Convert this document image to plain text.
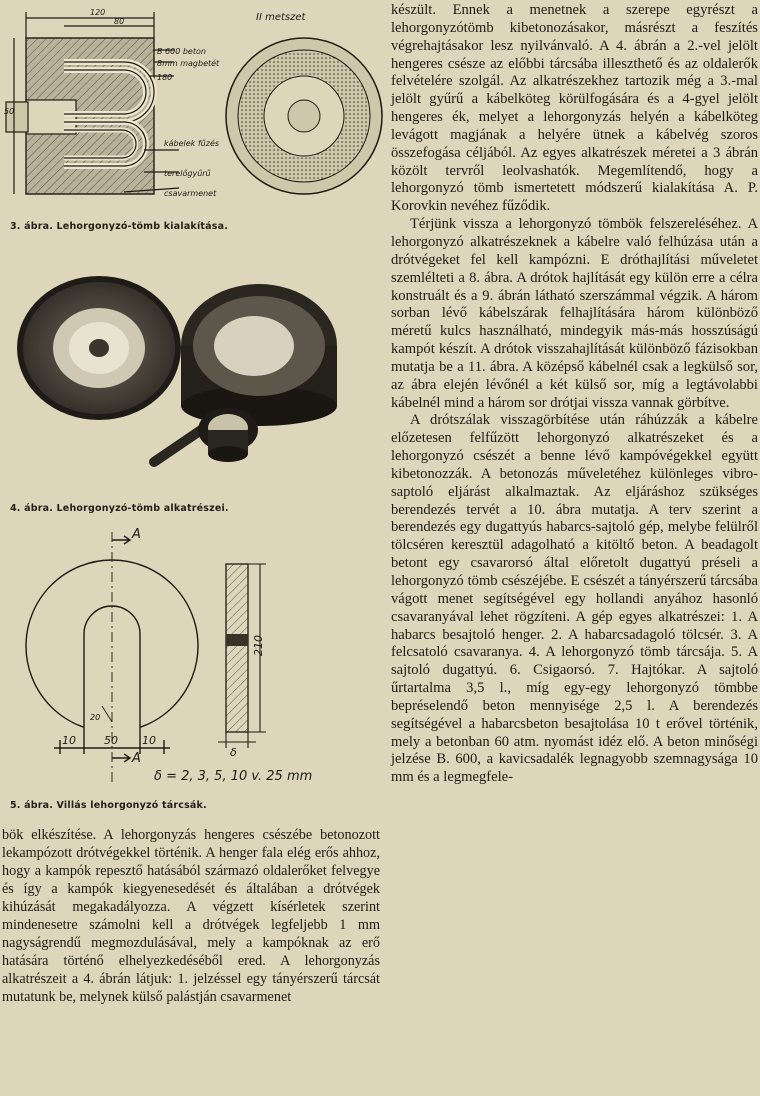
120
80	II metszet
B 600 beton
8mm magbetét
180
50
kábelek fűzés
terelőgyűrű
csavarmenet
3. ábra. Lehorgonyzó-tömb kialakítása.
4. ábra. Lehorgonyzó-tömb alkatrészei.
A
A
210
10	50 10
δ
20
δ = 2, 3, 5, 10 v. 25 mm
5. ábra. Villás lehorgonyzó tárcsák.

bök elkészítése. A lehorgonyzás hengeres csészébe betonozott lekampózott drótvégekkel történik. A henger fala elég erős ahhoz, hogy a kampók repesztő hatásából származó oldalerőket felvegye és így a kampók kiegyenesedését és általában a drótvégek kihúzását megakadályozza. A végzett kísérletek szerint mindenesetre számolni kell a drótvégek legfeljebb 1 mm nagyságrendű megmozdulásával, mely a kampóknak az erő hatására történő elhelyezkedéséből ered. A lehorgonyzás alkatrészeit a 4. ábrán látjuk: 1. jelzéssel egy tányérszerű tárcsát mutatunk be, melynek külső palástján csavarmenet

készült. Ennek a menetnek a szerepe egyrészt a lehorgonyzótömb kibetonozásakor, másrészt a feszítés végrehajtásakor lesz nyilvánvaló. A 4. ábrán a 2.-vel jelölt hengeres csésze az előbbi tárcsába illeszthető és az oldalerők felvételére szolgál. Az alkatrészekhez tartozik még a 3.-mal jelölt gyűrű a kábelköteg körülfogására és a 4-gyel jelölt hengeres ék, melyet a lehorgonyzás helyén a kábelköteg levágott magjának a helyére ütnek a kábelvég szoros összefogása céljából. Az egyes alkatrészek méretei a 3 ábrán közölt tervről leolvashatók. Megemlítendő, hogy a lehorgonyzó tömb ismertetett módszerű kialakítása A. P. Korovkin nevéhez fűződik.

Térjünk vissza a lehorgonyzó tömbök felszereléséhez. A lehorgonyzó alkatrészeknek a kábelre való felhúzása után a drótvégeket fel kell kampózni. E dróthajlítási műveletet szemlélteti a 8. ábra. A drótok hajlítását egy külön erre a célra konstruált és a 9. ábrán látható szerszámmal végzik. A három sorban lévő kábelszárak felhajlítására három különböző méretű kulcs használható, mindegyik más-más hosszúságú kampót készít. A drótok visszahajlítását különböző fázisokban mutatja be a 11. ábra. A középső kábelnél csak a legkülső sor, az ábra elején lévőnél a két külső sor, míg a legtávolabbi kábelnél mind a három sor drótjai vissza vannak görbítve.

A drótszálak visszagörbítése után ráhúzzák a kábelre előzetesen felfűzött lehorgonyzó alkatrészeket és a lehorgonyzó csészét a benne lévő kampóvégekkel együtt kibetonozzák. A betonozás műveletéhez különleges vibro-saptoló eljárást alkalmaztak. Az eljáráshoz szükséges berendezés tervét a 10. ábra mutatja. A terv szerint a berendezés egy dugattyús habarcs-sajtoló gép, melybe felülről tölcséren keresztül adagolható a kitöltő beton. A beadagolt betont egy csavarorsó által előretolt dugattyú préseli a lehorgonyzó tömb csészéjébe. E csészét a tányérszerű tárcsába vágott menet segítségével egy hollandi anyához hasonló csavaranyával lehet rögzíteni. A gép egyes alkatrészei: 1. A habarcs besajtoló henger. 2. A habarcsadagoló tölcsér. 3. A felcsatoló csavaranya. 4. A lehorgonyzó tömb tárcsája. 5. A sajtoló dugattyú. 6. Csigaorsó. 7. Hajtókar. A sajtoló űrtartalma 3,5 l., míg egy-egy lehorgonyzó tömbbe bepréselendő beton mennyisége 2,5 l. A berendezés segítségével a habarcsbeton besajtolása 10 t erővel történik, mely a betonban 60 atm. nyomást idéz elő. A beton minőségi jelzése B. 600, a kavicsadalék legnagyobb szemnagysága 10 mm és a legmegfele-
